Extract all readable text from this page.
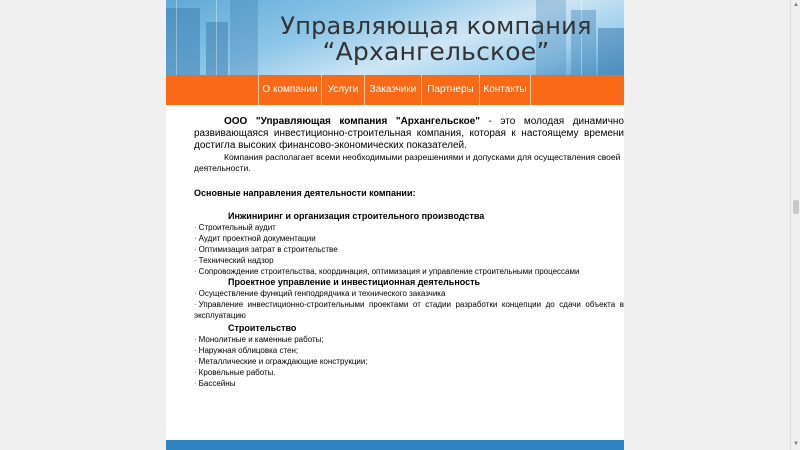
Управляющая компания
“Архангельское”
О компании	Услуги	Заказчики	Партнеры Контакты

ООО "Управляющая компания "Архангельское" - это молодая динамично развивающаяся инвестиционно-строительная компания, которая к настоящему времени достигла высоких финансово-экономических показателей.

Компания располагает всеми необходимыми разрешениями и допусками для осуществления своей деятельности.

Основные направления деятельности компании:
Инжиниринг и организация строительного производства
· Строительный аудит
· Аудит проектной документации
· Оптимизация затрат в строительстве
· Технический надзор
· Сопровождение строительства, координация, оптимизация и управление строительными процессами
Проектное управление и инвестиционная деятельность
· Осуществление функций генподрядчика и технического заказчика
· Управление инвестиционно-строительными проектами от стадии разработки концепции до сдачи объекта в эксплуатацию
Строительство
· Монолитные и каменные работы;
· Наружная облицовка стен;
· Металлические и ограждающие конструкции;
· Кровельные работы.
· Бассейны
▲
▼
